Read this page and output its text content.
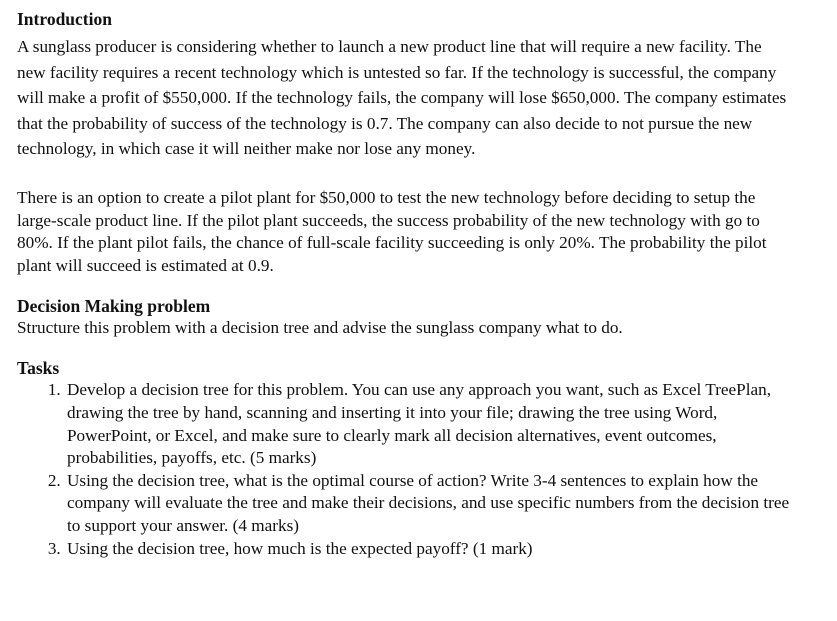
Introduction

A sunglass producer is considering whether to launch a new product line that will require a new facility. The new facility requires a recent technology which is untested so far. If the technology is successful, the company will make a profit of $550,000. If the technology fails, the company will lose $650,000. The company estimates that the probability of success of the technology is 0.7. The company can also decide to not pursue the new technology, in which case it will neither make nor lose any money.

There is an option to create a pilot plant for $50,000 to test the new technology before deciding to setup the large-scale product line. If the pilot plant succeeds, the success probability of the new technology with go to 80%. If the plant pilot fails, the chance of full-scale facility succeeding is only 20%. The probability the pilot plant will succeed is estimated at 0.9.

Decision Making problem

Structure this problem with a decision tree and advise the sunglass company what to do.

Tasks
1. Develop a decision tree for this problem. You can use any approach you want, such as Excel TreePlan, drawing the tree by hand, scanning and inserting it into your file; drawing the tree using Word, PowerPoint, or Excel, and make sure to clearly mark all decision alternatives, event outcomes, probabilities, payoffs, etc. (5 marks)
2. Using the decision tree, what is the optimal course of action? Write 3-4 sentences to explain how the company will evaluate the tree and make their decisions, and use specific numbers from the decision tree to support your answer. (4 marks)
3. Using the decision tree, how much is the expected payoff? (1 mark)
